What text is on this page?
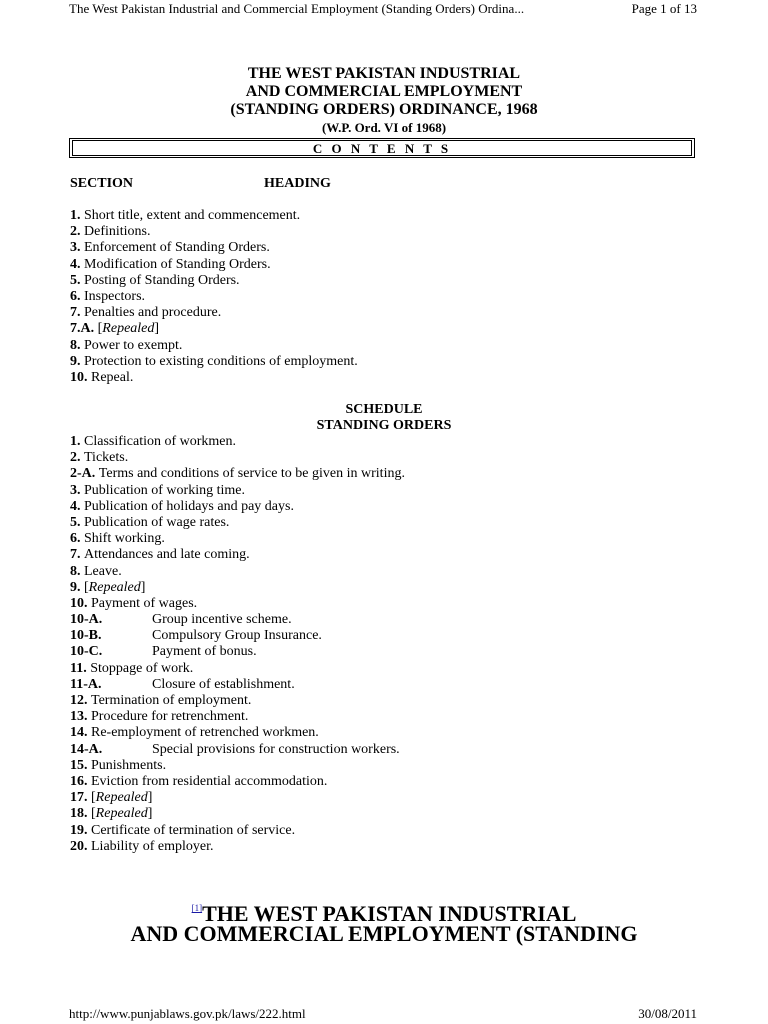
The West Pakistan Industrial and Commercial Employment (Standing Orders) Ordina...	Page 1 of 13
THE WEST PAKISTAN INDUSTRIAL
AND COMMERCIAL EMPLOYMENT
(STANDING ORDERS) ORDINANCE, 1968
(W.P. Ord. VI of 1968)
C O N T E N T S
SECTION	HEADING
1. Short title, extent and commencement.
2. Definitions.
3. Enforcement of Standing Orders.
4. Modification of Standing Orders.
5. Posting of Standing Orders.
6. Inspectors.
7. Penalties and procedure.
7.A. [Repealed]
8. Power to exempt.
9. Protection to existing conditions of employment.
10. Repeal.
SCHEDULE
STANDING ORDERS
1. Classification of workmen.
2. Tickets.
2-A. Terms and conditions of service to be given in writing.
3. Publication of working time.
4. Publication of holidays and pay days.
5. Publication of wage rates.
6. Shift working.
7. Attendances and late coming.
8. Leave.
9. [Repealed]
10. Payment of wages.
10-A.	Group incentive scheme.
10-B.	Compulsory Group Insurance.
10-C.	Payment of bonus.
11. Stoppage of work.
11-A.	Closure of establishment.
12. Termination of employment.
13. Procedure for retrenchment.
14. Re-employment of retrenched workmen.
14-A.	Special provisions for construction workers.
15. Punishments.
16. Eviction from residential accommodation.
17. [Repealed]
18. [Repealed]
19. Certificate of termination of service.
20. Liability of employer.
[1]THE WEST PAKISTAN INDUSTRIAL
AND COMMERCIAL EMPLOYMENT (STANDING
http://www.punjablaws.gov.pk/laws/222.html	30/08/2011
